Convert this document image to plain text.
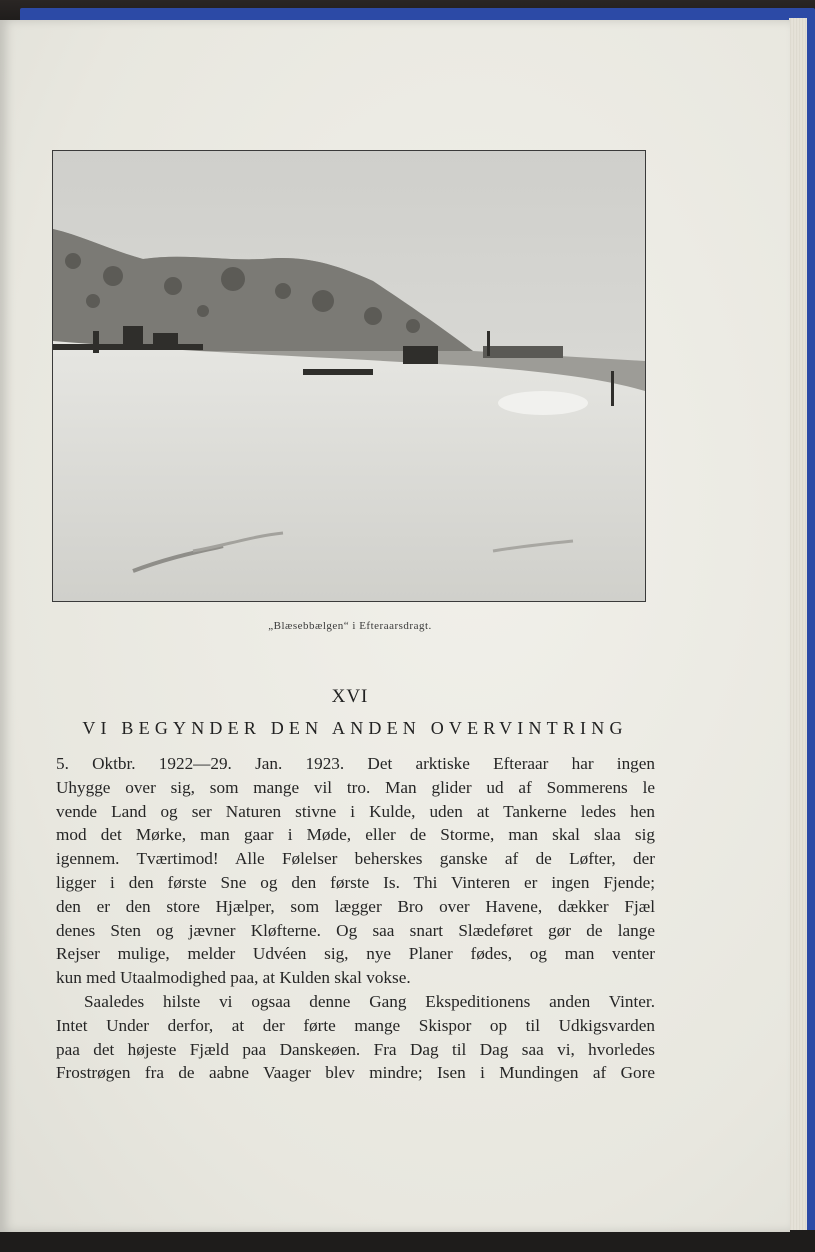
„Blæsebbælgen“ i Efteraarsdragt.
XVI
VI BEGYNDER DEN ANDEN OVERVINTRING

5. Oktbr. 1922—29. Jan. 1923. Det arktiske Efteraar har ingen
Uhygge over sig, som mange vil tro. Man glider ud af Sommerens le
vende Land og ser Naturen stivne i Kulde, uden at Tankerne ledes hen
mod det Mørke, man gaar i Møde, eller de Storme, man skal slaa sig
igennem. Tværtimod! Alle Følelser beherskes ganske af de Løfter, der
ligger i den første Sne og den første Is. Thi Vinteren er ingen Fjende;
den er den store Hjælper, som lægger Bro over Havene, dækker Fjæl
denes Sten og jævner Kløfterne. Og saa snart Slædeføret gør de lange
Rejser mulige, melder Udvéen sig, nye Planer fødes, og man venter
kun med Utaalmodighed paa, at Kulden skal vokse.

Saaledes hilste vi ogsaa denne Gang Ekspeditionens anden Vinter.
Intet Under derfor, at der førte mange Skispor op til Udkigsvarden
paa det højeste Fjæld paa Danskeøen. Fra Dag til Dag saa vi, hvorledes
Frostrøgen fra de aabne Vaager blev mindre; Isen i Mundingen af Gore
